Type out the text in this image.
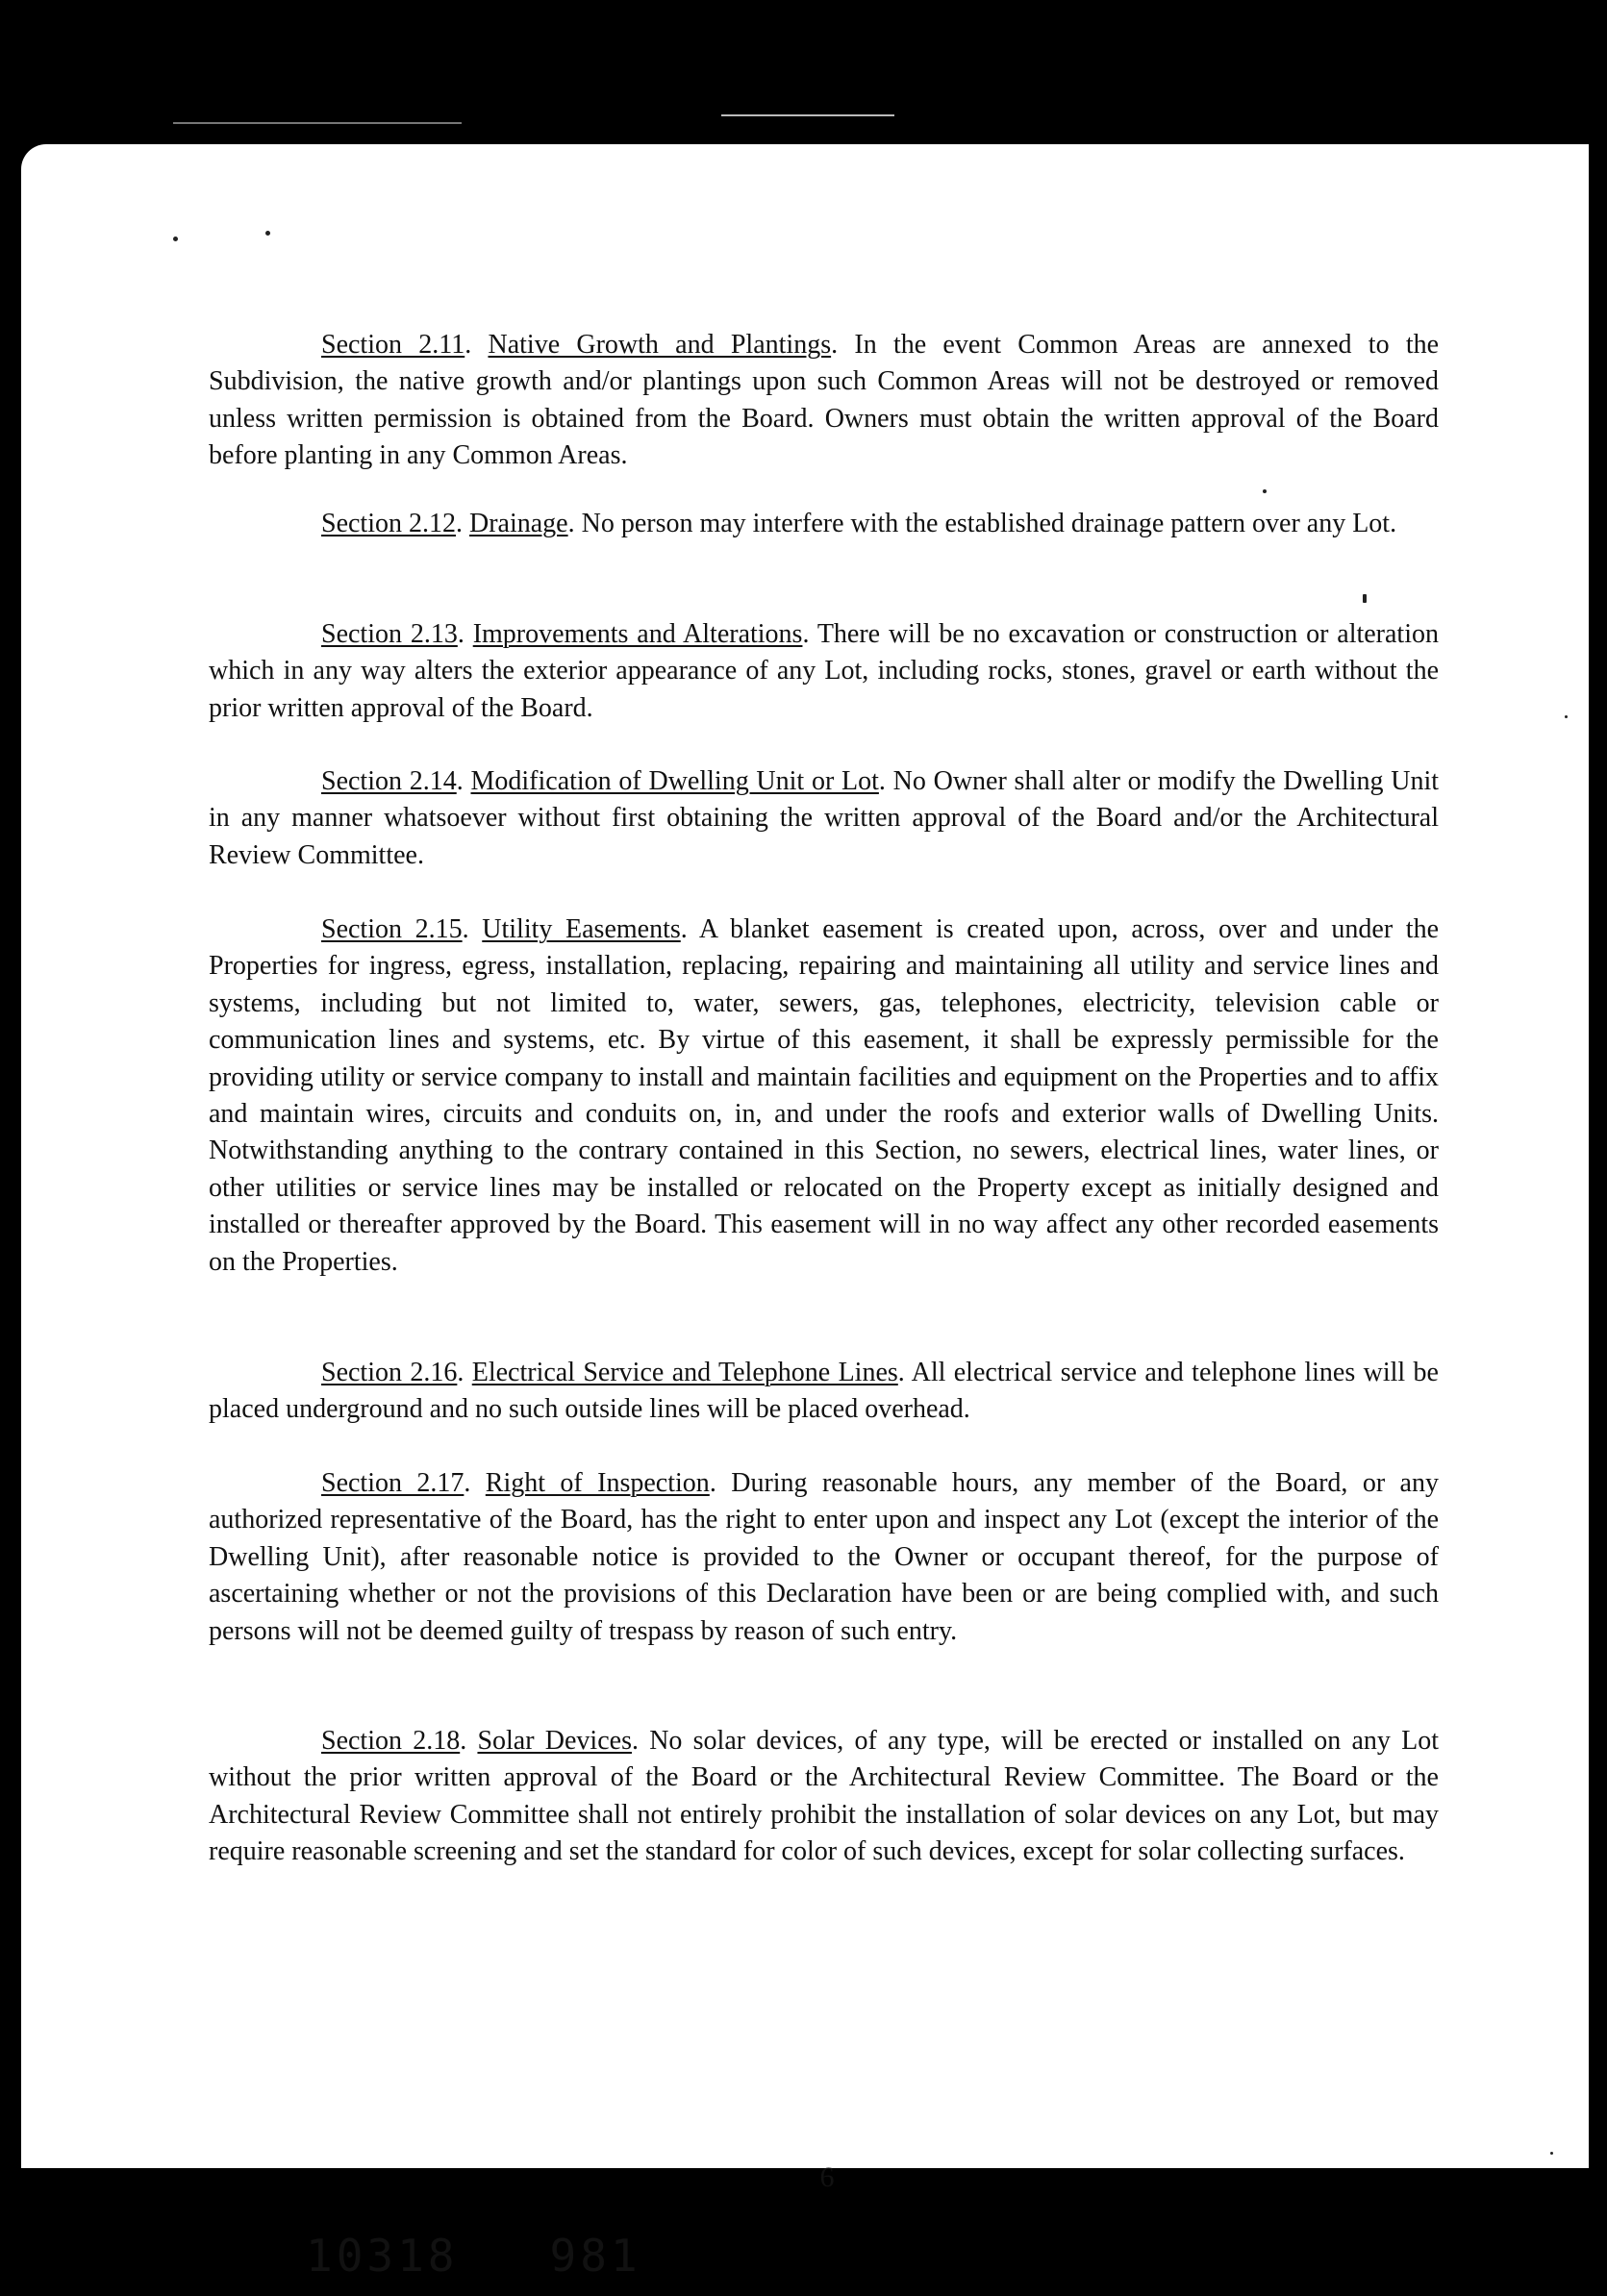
Section 2.11. Native Growth and Plantings. In the event Common Areas are annexed to the Subdivision, the native growth and/or plantings upon such Common Areas will not be destroyed or removed unless written permission is obtained from the Board. Owners must obtain the written approval of the Board before planting in any Common Areas.

Section 2.12. Drainage. No person may interfere with the established drainage pattern over any Lot.

Section 2.13. Improvements and Alterations. There will be no excavation or construction or alteration which in any way alters the exterior appearance of any Lot, including rocks, stones, gravel or earth without the prior written approval of the Board.

Section 2.14. Modification of Dwelling Unit or Lot. No Owner shall alter or modify the Dwelling Unit in any manner whatsoever without first obtaining the written approval of the Board and/or the Architectural Review Committee.

Section 2.15. Utility Easements. A blanket easement is created upon, across, over and under the Properties for ingress, egress, installation, replacing, repairing and maintaining all utility and service lines and systems, including but not limited to, water, sewers, gas, telephones, electricity, television cable or communication lines and systems, etc. By virtue of this easement, it shall be expressly permissible for the providing utility or service company to install and maintain facilities and equipment on the Properties and to affix and maintain wires, circuits and conduits on, in, and under the roofs and exterior walls of Dwelling Units. Notwithstanding anything to the contrary contained in this Section, no sewers, electrical lines, water lines, or other utilities or service lines may be installed or relocated on the Property except as initially designed and installed or thereafter approved by the Board. This easement will in no way affect any other recorded easements on the Properties.

Section 2.16. Electrical Service and Telephone Lines. All electrical service and telephone lines will be placed underground and no such outside lines will be placed overhead.

Section 2.17. Right of Inspection. During reasonable hours, any member of the Board, or any authorized representative of the Board, has the right to enter upon and inspect any Lot (except the interior of the Dwelling Unit), after reasonable notice is provided to the Owner or occupant thereof, for the purpose of ascertaining whether or not the provisions of this Declaration have been or are being complied with, and such persons will not be deemed guilty of trespass by reason of such entry.

Section 2.18. Solar Devices. No solar devices, of any type, will be erected or installed on any Lot without the prior written approval of the Board or the Architectural Review Committee. The Board or the Architectural Review Committee shall not entirely prohibit the installation of solar devices on any Lot, but may require reasonable screening and set the standard for color of such devices, except for solar collecting surfaces.

6
10318   981
